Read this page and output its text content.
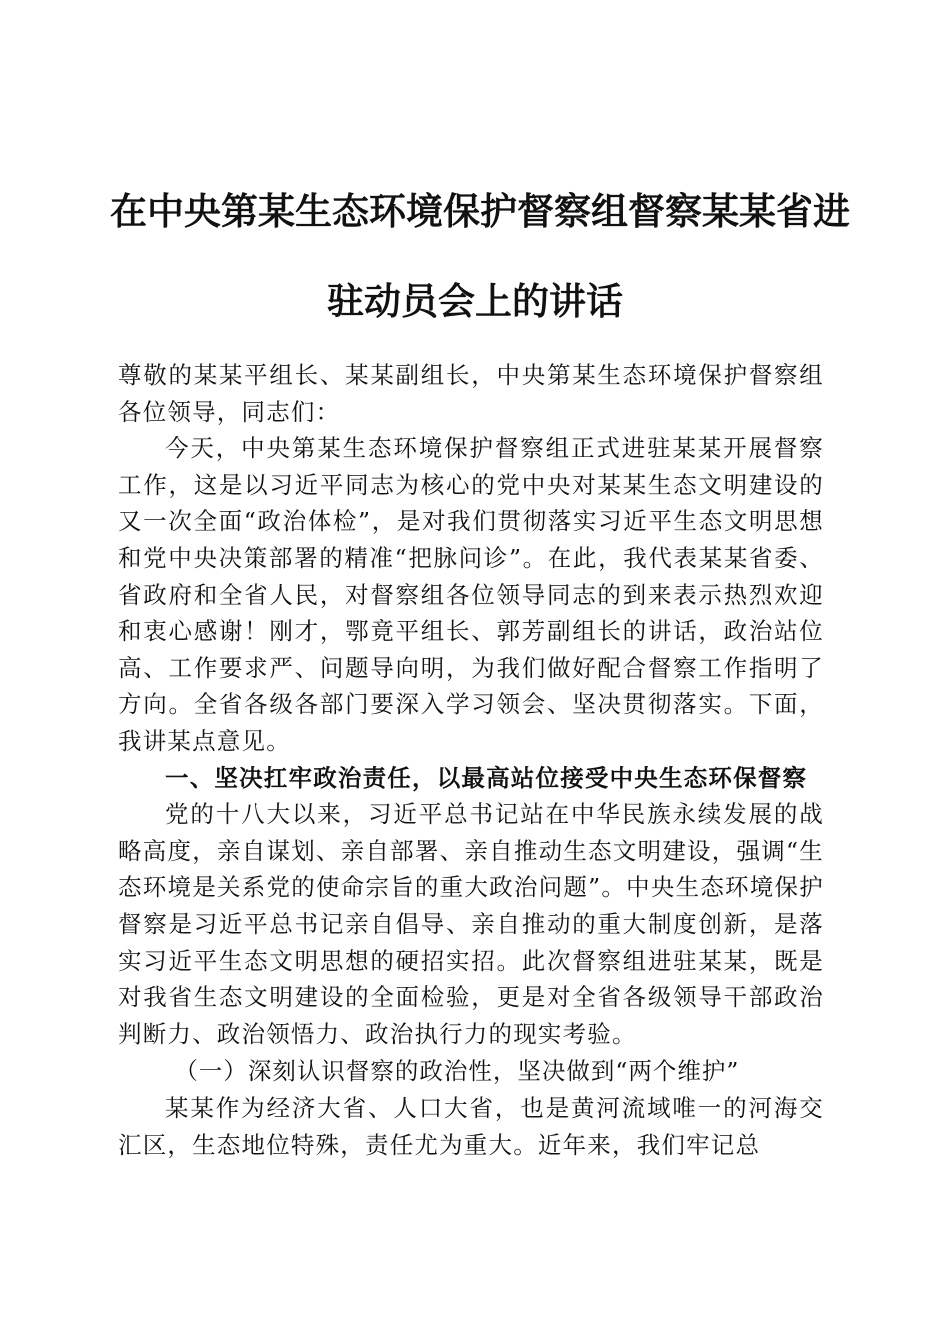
在中央第某生态环境保护督察组督察某某省进

驻动员会上的讲话

尊敬的某某平组长、某某副组长，中央第某生态环境保护督察组各位领导，同志们：

今天，中央第某生态环境保护督察组正式进驻某某开展督察工作，这是以习近平同志为核心的党中央对某某生态文明建设的又一次全面“政治体检”，是对我们贯彻落实习近平生态文明思想和党中央决策部署的精准“把脉问诊”。在此，我代表某某省委、省政府和全省人民，对督察组各位领导同志的到来表示热烈欢迎和衷心感谢！刚才，鄂竟平组长、郭芳副组长的讲话，政治站位高、工作要求严、问题导向明，为我们做好配合督察工作指明了方向。全省各级各部门要深入学习领会、坚决贯彻落实。下面，我讲某点意见。

一、坚决扛牢政治责任，以最高站位接受中央生态环保督察

党的十八大以来，习近平总书记站在中华民族永续发展的战略高度，亲自谋划、亲自部署、亲自推动生态文明建设，强调“生态环境是关系党的使命宗旨的重大政治问题”。中央生态环境保护督察是习近平总书记亲自倡导、亲自推动的重大制度创新，是落实习近平生态文明思想的硬招实招。此次督察组进驻某某，既是对我省生态文明建设的全面检验，更是对全省各级领导干部政治判断力、政治领悟力、政治执行力的现实考验。

（一）深刻认识督察的政治性，坚决做到“两个维护”

某某作为经济大省、人口大省，也是黄河流域唯一的河海交汇区，生态地位特殊，责任尤为重大。近年来，我们牢记总
